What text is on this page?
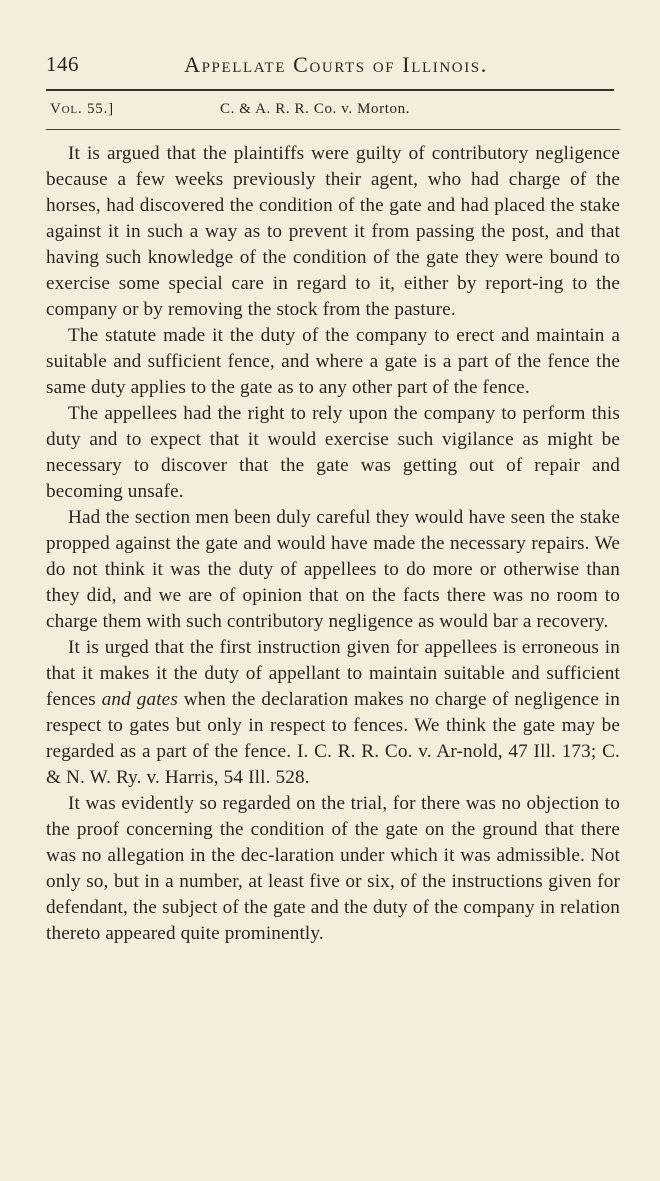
146	Appellate Courts of Illinois.
Vol. 55.]	C. & A. R. R. Co. v. Morton.

It is argued that the plaintiffs were guilty of contributory negligence because a few weeks previously their agent, who had charge of the horses, had discovered the condition of the gate and had placed the stake against it in such a way as to prevent it from passing the post, and that having such knowledge of the condition of the gate they were bound to exercise some special care in regard to it, either by report-ing to the company or by removing the stock from the pasture.

The statute made it the duty of the company to erect and maintain a suitable and sufficient fence, and where a gate is a part of the fence the same duty applies to the gate as to any other part of the fence.

The appellees had the right to rely upon the company to perform this duty and to expect that it would exercise such vigilance as might be necessary to discover that the gate was getting out of repair and becoming unsafe.

Had the section men been duly careful they would have seen the stake propped against the gate and would have made the necessary repairs. We do not think it was the duty of appellees to do more or otherwise than they did, and we are of opinion that on the facts there was no room to charge them with such contributory negligence as would bar a recovery.

It is urged that the first instruction given for appellees is erroneous in that it makes it the duty of appellant to maintain suitable and sufficient fences and gates when the declaration makes no charge of negligence in respect to gates but only in respect to fences. We think the gate may be regarded as a part of the fence. I. C. R. R. Co. v. Ar-nold, 47 Ill. 173; C. & N. W. Ry. v. Harris, 54 Ill. 528.

It was evidently so regarded on the trial, for there was no objection to the proof concerning the condition of the gate on the ground that there was no allegation in the dec-laration under which it was admissible. Not only so, but in a number, at least five or six, of the instructions given for defendant, the subject of the gate and the duty of the company in relation thereto appeared quite prominently.
